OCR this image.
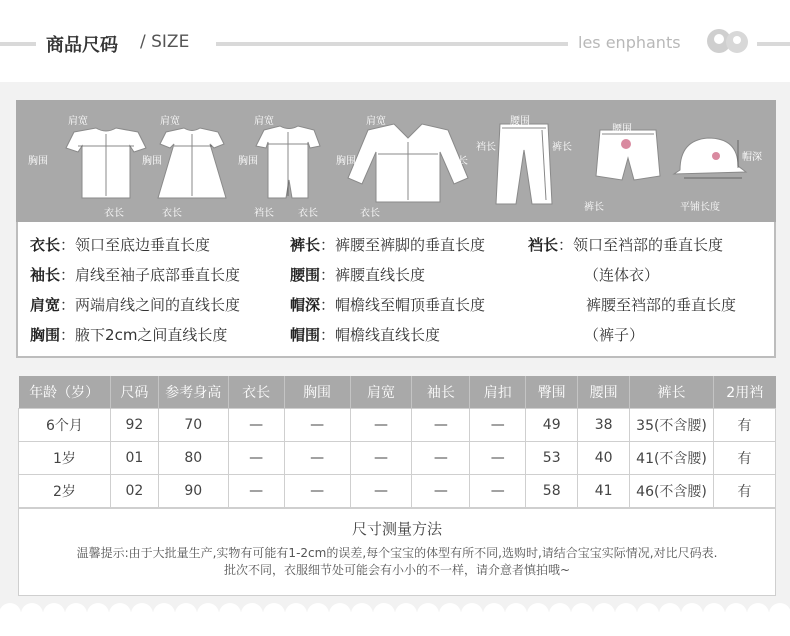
商品尺码 / SIZE	les enphants
肩宽
胸围
衣长
肩宽
胸围
衣长
肩宽
胸围
裆长 衣长
肩宽
胸围	袖长
衣长
腰围
裆长	裤长
腰围
裤长
帽深
平铺长度
衣长：领口至底边垂直长度
袖长：肩线至袖子底部垂直长度
肩宽：两端肩线之间的直线长度
胸围：腋下2cm之间直线长度
裤长：裤腰至裤脚的垂直长度
腰围：裤腰直线长度
帽深：帽檐线至帽顶垂直长度
帽围：帽檐线直线长度
裆长：领口至裆部的垂直长度
（连体衣）
裤腰至裆部的垂直长度
（裤子）
年龄（岁）	尺码	参考身高	衣长	胸围	肩宽	袖长	肩扣	臀围	腰围	裤长	2用裆
6个月	92	70	—	—	—	—	—	49	38	35(不含腰)	有
1岁	01	80	—	—	—	—	—	53	40	41(不含腰)	有
2岁	02	90	—	—	—	—	—	58	41	46(不含腰)	有
尺寸测量方法
温馨提示:由于大批量生产,实物有可能有1-2cm的误差,每个宝宝的体型有所不同,选购时,请结合宝宝实际情况,对比尺码表.
批次不同，衣服细节处可能会有小小的不一样，请介意者慎拍哦~
